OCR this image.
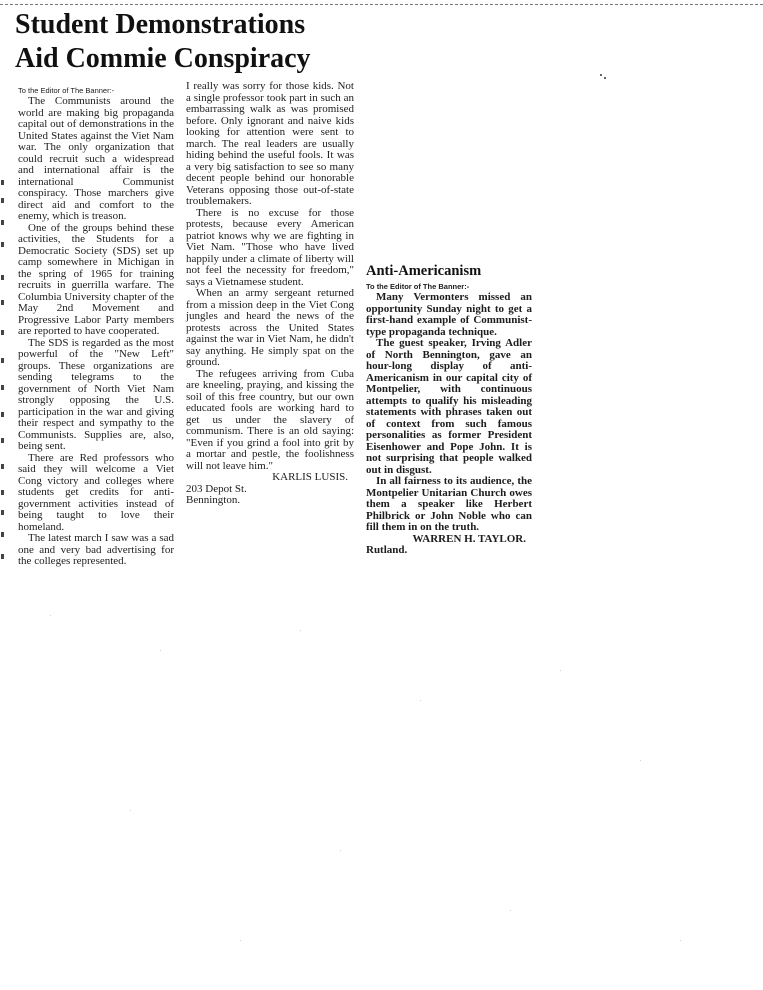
Student Demonstrations
Aid Commie Conspiracy

To the Editor of The Banner:-

The Communists around the world are making big propaganda capital out of demonstrations in the United States against the Viet Nam war. The only organization that could recruit such a widespread and international affair is the international Communist conspiracy. Those marchers give direct aid and comfort to the enemy, which is treason.

One of the groups behind these activities, the Students for a Democratic Society (SDS) set up camp somewhere in Michigan in the spring of 1965 for training recruits in guerrilla warfare. The Columbia University chapter of the May 2nd Movement and Progressive Labor Party members are reported to have cooperated.

The SDS is regarded as the most powerful of the "New Left" groups. These organizations are sending telegrams to the government of North Viet Nam strongly opposing the U.S. participation in the war and giving their respect and sympathy to the Communists. Supplies are, also, being sent.

There are Red professors who said they will welcome a Viet Cong victory and colleges where students get credits for anti-government activities instead of being taught to love their homeland.

The latest march I saw was a sad one and very bad advertising for the colleges represented.

I really was sorry for those kids. Not a single professor took part in such an embarrassing walk as was promised before. Only ignorant and naive kids looking for attention were sent to march. The real leaders are usually hiding behind the useful fools. It was a very big satisfaction to see so many decent people behind our honorable Veterans opposing those out-of-state troublemakers.

There is no excuse for those protests, because every American patriot knows why we are fighting in Viet Nam. "Those who have lived happily under a climate of liberty will not feel the necessity for freedom," says a Vietnamese student.

When an army sergeant returned from a mission deep in the Viet Cong jungles and heard the news of the protests across the United States against the war in Viet Nam, he didn't say anything. He simply spat on the ground.

The refugees arriving from Cuba are kneeling, praying, and kissing the soil of this free country, but our own educated fools are working hard to get us under the slavery of communism. There is an old saying: "Even if you grind a fool into grit by a mortar and pestle, the foolishness will not leave him."

KARLIS LUSIS.

203 Depot St.

Bennington.

Anti-Americanism

To the Editor of The Banner:-

Many Vermonters missed an opportunity Sunday night to get a first-hand example of Communist-type propaganda technique.

The guest speaker, Irving Adler of North Bennington, gave an hour-long display of anti-Americanism in our capital city of Montpelier, with continuous attempts to qualify his misleading statements with phrases taken out of context from such famous personalities as former President Eisenhower and Pope John. It is not surprising that people walked out in disgust.

In all fairness to its audience, the Montpelier Unitarian Church owes them a speaker like Herbert Philbrick or John Noble who can fill them in on the truth.

WARREN H. TAYLOR.

Rutland.
